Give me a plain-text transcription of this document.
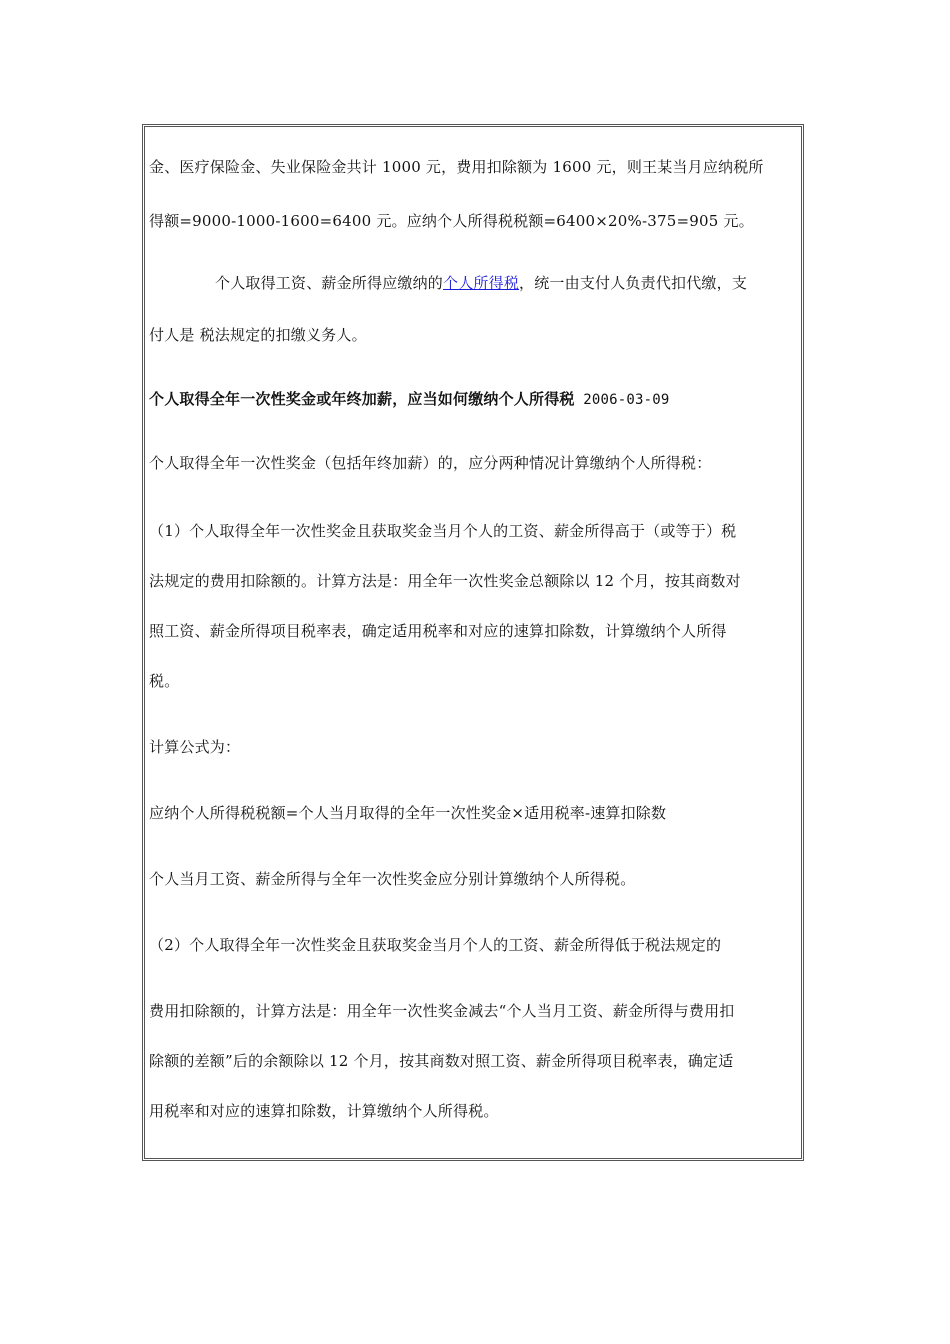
金、医疗保险金、失业保险金共计 1000 元，费用扣除额为 1600 元，则王某当月应纳税所
得额=9000-1000-1600=6400 元。应纳个人所得税税额=6400×20%-375=905 元。
个人取得工资、薪金所得应缴纳的个人所得税，统一由支付人负责代扣代缴，支
付人是 税法规定的扣缴义务人。
个人取得全年一次性奖金或年终加薪，应当如何缴纳个人所得税 2006-03-09
个人取得全年一次性奖金（包括年终加薪）的，应分两种情况计算缴纳个人所得税：
（1）个人取得全年一次性奖金且获取奖金当月个人的工资、薪金所得高于（或等于）税
法规定的费用扣除额的。计算方法是：用全年一次性奖金总额除以 12 个月，按其商数对
照工资、薪金所得项目税率表，确定适用税率和对应的速算扣除数，计算缴纳个人所得
税。
计算公式为：
应纳个人所得税税额=个人当月取得的全年一次性奖金×适用税率-速算扣除数
个人当月工资、薪金所得与全年一次性奖金应分别计算缴纳个人所得税。
（2）个人取得全年一次性奖金且获取奖金当月个人的工资、薪金所得低于税法规定的
费用扣除额的，计算方法是：用全年一次性奖金减去“个人当月工资、薪金所得与费用扣
除额的差额”后的余额除以 12 个月，按其商数对照工资、薪金所得项目税率表，确定适
用税率和对应的速算扣除数，计算缴纳个人所得税。
